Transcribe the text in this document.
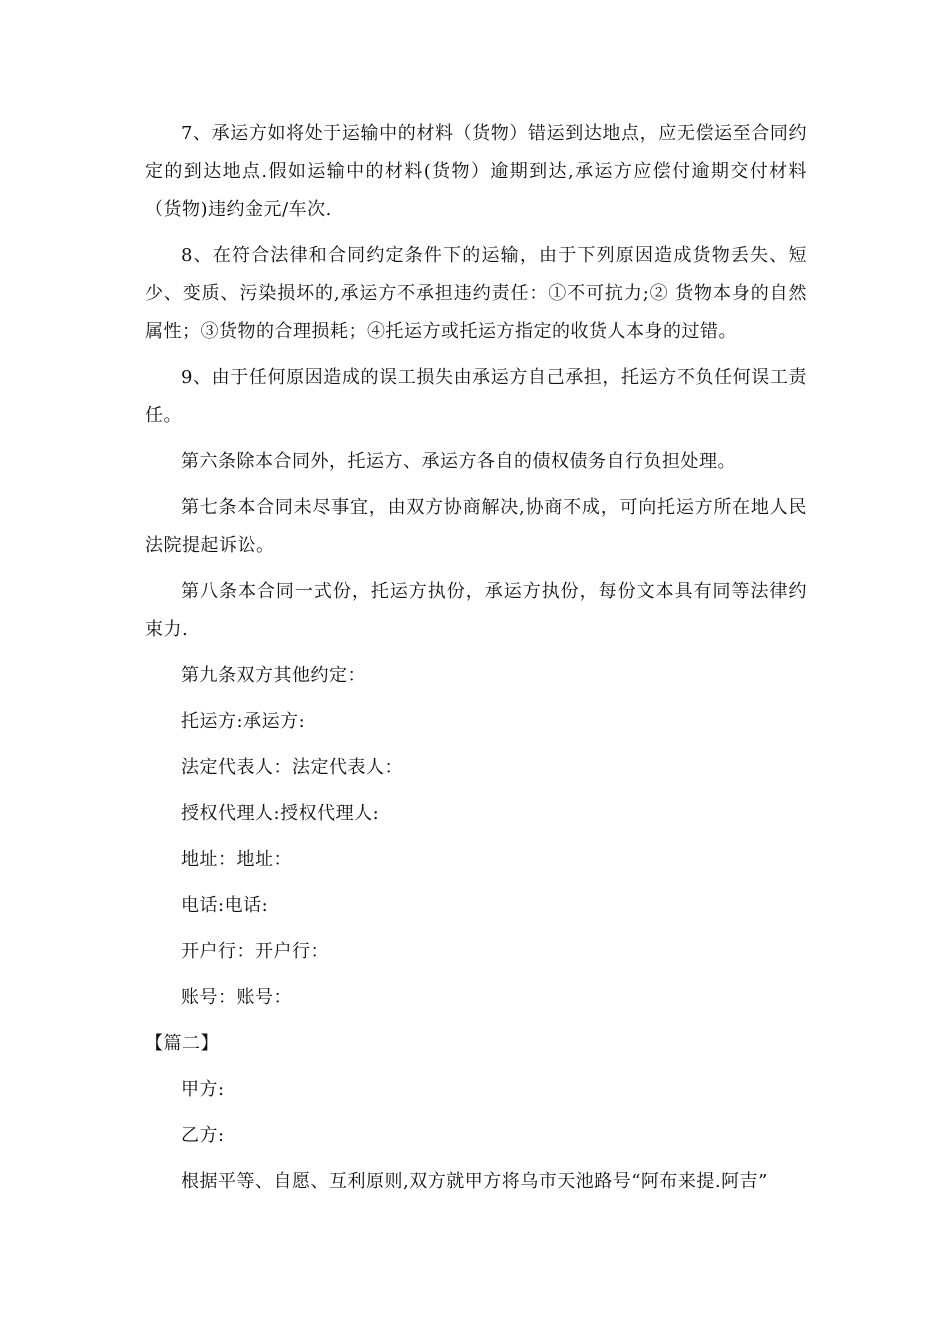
7、承运方如将处于运输中的材料（货物）错运到达地点，应无偿运至合同约定的到达地点.假如运输中的材料(货物）逾期到达,承运方应偿付逾期交付材料（货物)违约金元/车次.

8、在符合法律和合同约定条件下的运输，由于下列原因造成货物丢失、短少、变质、污染损坏的,承运方不承担违约责任：①不可抗力;② 货物本身的自然属性；③货物的合理损耗；④托运方或托运方指定的收货人本身的过错。

9、由于任何原因造成的误工损失由承运方自己承担，托运方不负任何误工责任。

第六条除本合同外，托运方、承运方各自的债权债务自行负担处理。

第七条本合同未尽事宜，由双方协商解决,协商不成，可向托运方所在地人民法院提起诉讼。

第八条本合同一式份，托运方执份，承运方执份，每份文本具有同等法律约束力.

第九条双方其他约定：

托运方:承运方:

法定代表人：法定代表人：

授权代理人:授权代理人:

地址：地址：

电话:电话:

开户行：开户行：

账号：账号：

【篇二】

甲方:

乙方:

根据平等、自愿、互利原则,双方就甲方将乌市天池路号“阿布来提.阿吉”
